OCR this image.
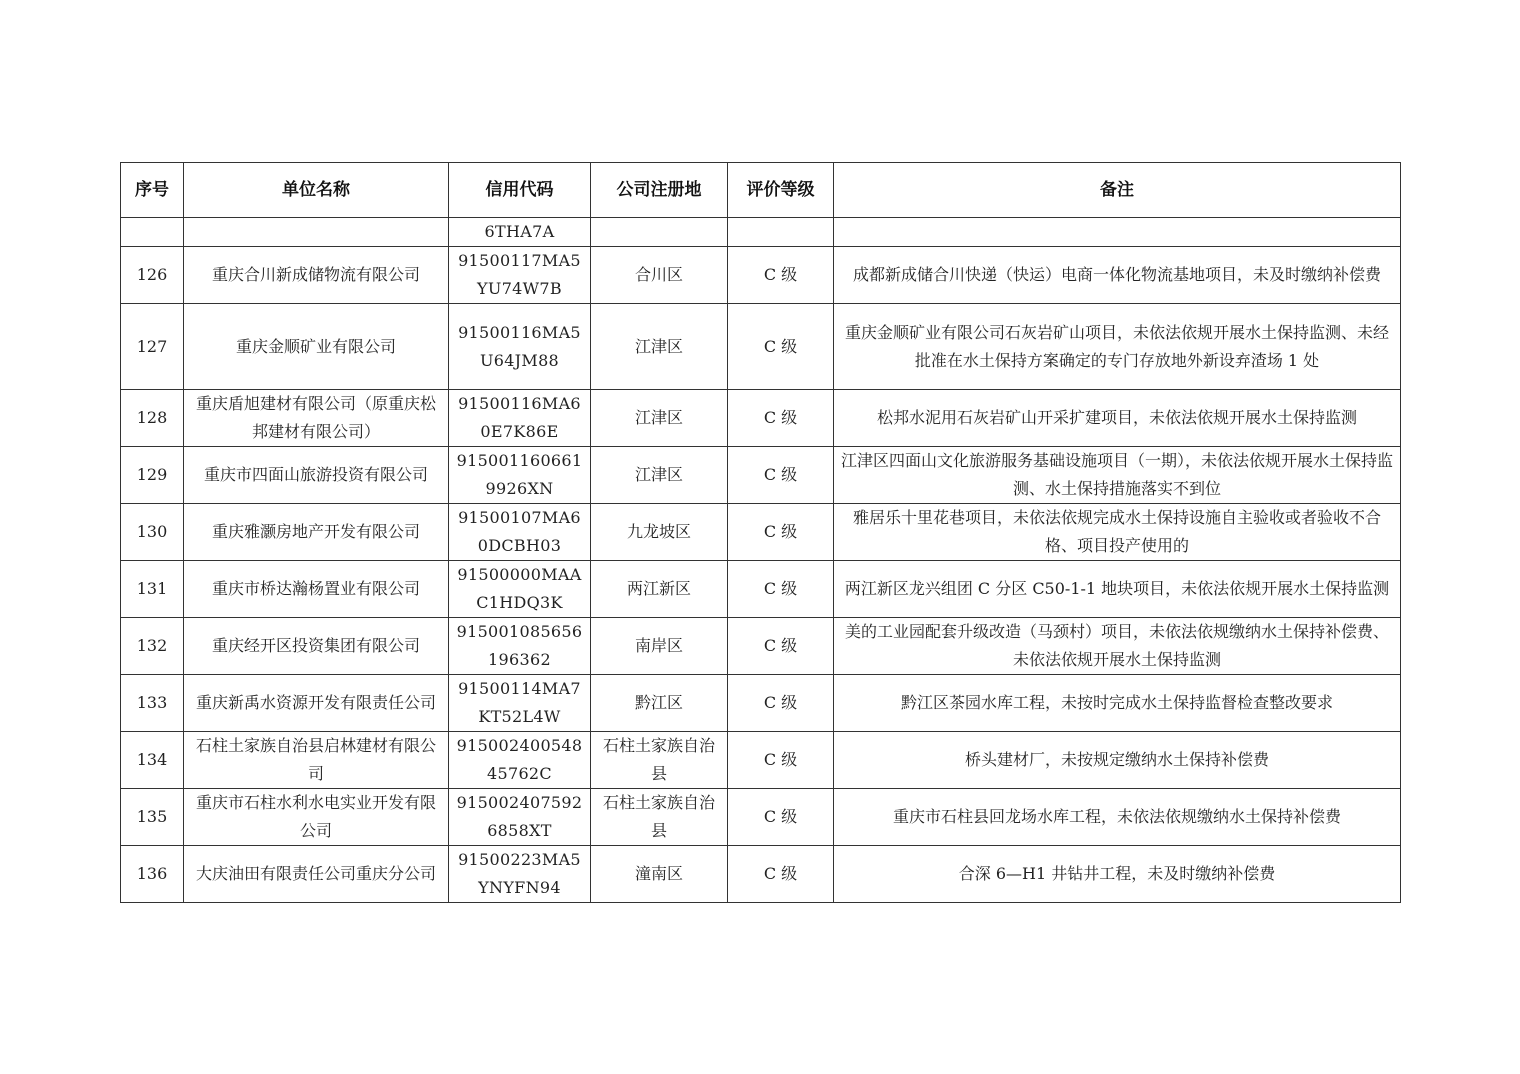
序号	单位名称	信用代码	公司注册地	评价等级	备注
		6THA7A			
126	重庆合川新成储物流有限公司	91500117MA5YU74W7B	合川区	C 级	成都新成储合川快递（快运）电商一体化物流基地项目，未及时缴纳补偿费
127	重庆金顺矿业有限公司	91500116MA5U64JM88	江津区	C 级	重庆金顺矿业有限公司石灰岩矿山项目，未依法依规开展水土保持监测、未经批准在水土保持方案确定的专门存放地外新设弃渣场 1 处
128	重庆盾旭建材有限公司（原重庆松邦建材有限公司）	91500116MA60E7K86E	江津区	C 级	松邦水泥用石灰岩矿山开采扩建项目，未依法依规开展水土保持监测
129	重庆市四面山旅游投资有限公司	915001160661 9926XN	江津区	C 级	江津区四面山文化旅游服务基础设施项目（一期），未依法依规开展水土保持监测、水土保持措施落实不到位
130	重庆雅灏房地产开发有限公司	91500107MA60DCBH03	九龙坡区	C 级	雅居乐十里花巷项目，未依法依规完成水土保持设施自主验收或者验收不合格、项目投产使用的
131	重庆市桥达瀚杨置业有限公司	91500000MAAC1HDQ3K	两江新区	C 级	两江新区龙兴组团 C 分区 C50-1-1 地块项目，未依法依规开展水土保持监测
132	重庆经开区投资集团有限公司	915001085656 196362	南岸区	C 级	美的工业园配套升级改造（马颈村）项目，未依法依规缴纳水土保持补偿费、未依法依规开展水土保持监测
133	重庆新禹水资源开发有限责任公司	91500114MA7KT52L4W	黔江区	C 级	黔江区茶园水库工程，未按时完成水土保持监督检查整改要求
134	石柱土家族自治县启林建材有限公司	915002400548 45762C	石柱土家族自治县	C 级	桥头建材厂，未按规定缴纳水土保持补偿费
135	重庆市石柱水利水电实业开发有限公司	915002407592 6858XT	石柱土家族自治县	C 级	重庆市石柱县回龙场水库工程，未依法依规缴纳水土保持补偿费
136	大庆油田有限责任公司重庆分公司	91500223MA5YNYFN94	潼南区	C 级	合深 6—H1 井钻井工程，未及时缴纳补偿费
